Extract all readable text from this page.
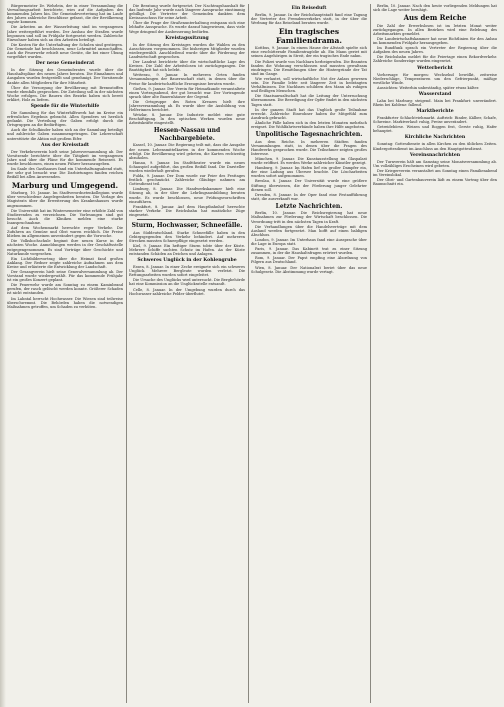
Bürgermeister Dr. Wehrlein, der in einer Versammlung die Verwaltungsarbeit berichtete, wies auf die Aufgaben des kommenden Jahres hin. Die Gemeindevertretung hat im Laufe des Jahres zahlreiche Beschlüsse gefasst, die der Bevölkerung zugute kommen.

Die Arbeiten an der Wasserleitung sind im vergangenen Jahre weitergeführt worden. Der Ausbau der Straßen wurde begonnen und soll im Frühjahr fortgesetzt werden. Zahlreiche Einwohner haben sich an den Arbeiten beteiligt.

Die Kosten für die Unterhaltung der Schulen sind gestiegen. Die Gemeinde hat beschlossen, neue Lehrmittel anzuschaffen. Auch die Feuerwehr erhielt neue Geräte, die bei einer Übung vorgeführt wurden.

Der neue Gemeinderat

In der Sitzung des Gemeinderates wurde über die Haushaltspläne des neuen Jahres beraten. Die Einnahmen und Ausgaben wurden festgestellt und genehmigt. Der Vorsitzende dankte allen Mitgliedern für ihre Mitarbeit.

Über die Versorgung der Bevölkerung mit Brennstoffen wurde ebenfalls gesprochen. Die Zuteilung soll in der nächsten Woche erfolgen. Die Bauern des Bezirks haben sich bereit erklärt, Holz zu liefern.

Spende für die Winterhilfe

Die Sammlung für das Winterhilfswerk hat im Kreise ein erfreuliches Ergebnis gebracht. Allen Spendern sei herzlich gedankt. Die Verteilung der Gaben erfolgt durch die Ortsgruppen an die Bedürftigen.

Auch die Schulkinder haben sich an der Sammlung beteiligt und zahlreiche Gaben zusammengetragen. Die Lehrerschaft unterstützte die Aktion mit großem Eifer.

Aus der Kreisstadt

Der Verkehrsverein hielt seine Jahresversammlung ab. Der Vorsitzende berichtete über die Tätigkeit im vergangenen Jahre und über die Pläne für die kommende Reisezeit. Es wurde beschlossen, einen neuen Führer herauszugeben.

Im Saale des Gasthauses fand ein Unterhaltungsabend statt, der sehr gut besucht war. Die Darbietungen fanden reichen Beifall bei allen Anwesenden.

Marburg und Umgegend.

Marburg, 10. Januar. Im Stadtverordnetenkollegium wurde über verschiedene Angelegenheiten beraten. Die Vorlage des Magistrats über die Erweiterung des Krankenhauses wurde angenommen.

Die Universität hat im Wintersemester eine erhöhte Zahl von Studierenden zu verzeichnen. Die Vorlesungen sind gut besucht. Auch die Kliniken melden eine starke Inanspruchnahme.

Auf dem Wochenmarkt herrschte reger Verkehr. Die Zufuhren an Gemüse und Obst waren reichlich. Die Preise blieben im allgemeinen unverändert gegen die Vorwoche.

Die Volkshochschule beginnt ihre neuen Kurse in der nächsten Woche. Anmeldungen werden in der Geschäftsstelle entgegengenommen. Es sind Vorträge über Geschichte und Naturkunde vorgesehen.

Ein Lichtbildervortrag über die Heimat fand großen Anklang. Der Redner zeigte zahlreiche Aufnahmen aus dem Kreise und erläuterte die Entwicklung der Landschaft.

Der Gesangverein hielt seine Generalversammlung ab. Der Vorstand wurde wiedergewählt. Für das kommende Frühjahr ist ein großes Konzert geplant.

Die Feuerwehr wurde am Sonntag zu einem Kaminbrand gerufen, der rasch gelöscht werden konnte. Größerer Schaden ist nicht entstanden.

Im Lahntal herrscht Hochwasser. Die Wiesen sind teilweise überschwemmt. Die Behörden haben die notwendigen Maßnahmen getroffen, um Schaden zu verhüten.

Die Beratung wurde fortgesetzt. Der Nachtragshaushalt für das laufende Jahr wurde nach längerer Aussprache einstimmig gebilligt. Die Vertreter der Gemeinden dankten dem Kreisausschuss für seine Arbeit.

Über die Frage der Straßenunterhaltung entspann sich eine lebhafte Aussprache. Es wurde darauf hingewiesen, dass viele Wege dringend der Ausbesserung bedürfen.

Kreistagssitzung

In der Sitzung des Kreistages wurden die Wahlen zu den Ausschüssen vorgenommen. Die bisherigen Mitglieder wurden wiedergewählt. Anschließend wurde über die Förderung der Landwirtschaft gesprochen.

Der Landrat berichtete über die wirtschaftliche Lage des Kreises. Die Zahl der Arbeitslosen ist zurückgegangen. Die Bautätigkeit hat sich belebt.

Wetterau, 9. Januar. In mehreren Orten fanden Versammlungen der Bauernschaft statt, in denen über die Preise für landwirtschaftliche Erzeugnisse beraten wurde.

Gießen, 9. Januar. Der Verein für Heimatkunde veranstaltete einen Vortragsabend, der gut besucht war. Der Vortragende sprach über alte Bauernhäuser der Gegend.

Die Ortsgruppe des Roten Kreuzes hielt ihre Jahresversammlung ab. Es wurde über die Ausbildung von Helferinnen berichtet.

Wetzlar, 8. Januar. Die Industrie meldet eine gute Beschäftigung. In den optischen Werken wurden neue Arbeitskräfte eingestellt.

Hessen-Nassau und Nachbargebiete.

Kassel, 10. Januar. Die Regierung teilt mit, dass die Ausgabe der neuen Lebensmittelkarten in der kommenden Woche erfolgt. Die Bevölkerung wird gebeten, die Karten rechtzeitig abzuholen.

Hanau, 9. Januar. Im Stadttheater wurde ein neues Schauspiel aufgeführt, das großen Beifall fand. Die Darsteller wurden wiederholt gerufen.

Fulda, 9. Januar. Der Dom wurde zur Feier des Festtages festlich geschmückt. Zahlreiche Gläubige nahmen am Gottesdienst teil.

Limburg, 8. Januar. Die Handwerkskammer hielt eine Sitzung ab, in der über die Lehrlingsausbildung beraten wurde. Es wurde beschlossen, neue Prüfungsvorschriften einzuführen.

Frankfurt, 8. Januar. Auf dem Hauptbahnhof herrschte starker Verkehr. Die Reichsbahn hat zusätzliche Züge eingesetzt.

Sturm, Hochwasser, Schneefälle.

Aus Süddeutschland. Starke Schneefälle haben in den Gebirgsgegenden den Verkehr behindert. Auf mehreren Strecken mussten Schneepflüge eingesetzt werden.

Kiel, 9. Januar. Ein heftiger Sturm tobte über der Küste. Mehrere Schiffe suchten Schutz im Hafen. An der Küste entstanden Schäden an Deichen und Anlagen.

Schweres Unglück in der Kohlengrube

Essen, 8. Januar. In einer Zeche ereignete sich ein schweres Unglück. Mehrere Bergleute wurden verletzt. Die Rettungsarbeiten wurden sofort eingeleitet.

Die Ursache des Unglücks wird untersucht. Die Bergbehörde hat eine Kommission an die Unglücksstelle entsandt.

Celle, 8. Januar. In der Umgebung wurden durch das Hochwasser zahlreiche Felder überflutet.

Ein Reiseduft

Berlin, 9. Januar. In der Reichshauptstadt fand eine Tagung der Vertreter des Fremdenverkehrs statt, in der über die Werbung für das Reiseland beraten wurde.

Ein tragisches Familiendrama.

Kottbus, 9. Januar. In einem Hause der Altstadt spielte sich eine erschütternde Familientragödie ab. Ein Mann geriet mit seinen Angehörigen in Streit, der ein tragisches Ende nahm.

Die Polizei wurde von Nachbarn herbeigerufen. Die Beamten fanden die Wohnung verschlossen und mussten gewaltsam eindringen. Die Ermittlungen über die Hintergründe der Tat sind im Gange.

Wie verlautet, soll wirtschaftliche Not der Anlass gewesen sein. Die Familie lebte seit längerer Zeit in bedrängten Verhältnissen. Die Nachbarn schildern den Mann als ruhigen und fleißigen Menschen.

Die Staatsanwaltschaft hat die Leitung der Untersuchung übernommen. Die Beerdigung der Opfer findet in den nächsten Tagen statt.

In der ganzen Stadt hat das Unglück große Teilnahme erweckt. Zahlreiche Einwohner haben ihr Mitgefühl zum Ausdruck gebracht.

Ähnliche Fälle haben sich in den letzten Monaten mehrfach ereignet. Die Wohlfahrtsverbände haben ihre Hilfe angeboten.

Unpolitische Tagesnachrichten.

Aus dem Reiche. In mehreren Städten fanden Versammlungen statt, in denen über die Fragen des Handwerks gesprochen wurde. Die Teilnehmer zeigten großes Interesse.

München, 9. Januar. Die Kunstausstellung im Glaspalast wurde eröffnet. Es werden Werke zahlreicher Künstler gezeigt.

Hamburg, 9. Januar. Im Hafen lief ein großer Dampfer ein, der eine Ladung aus Übersee brachte. Die Löscharbeiten wurden sofort aufgenommen.

Breslau, 8. Januar. Der Universität wurde eine größere Stiftung überwiesen, die der Förderung junger Gelehrter dienen soll.

Dresden, 8. Januar. In der Oper fand eine Festaufführung statt, die ausverkauft war.

Letzte Nachrichten.

Berlin, 10. Januar. Die Reichsregierung hat neue Maßnahmen zur Förderung der Wirtschaft beschlossen. Die Verordnung tritt in den nächsten Tagen in Kraft.

Die Verhandlungen über die Handelsverträge mit dem Ausland werden fortgesetzt. Man hofft auf einen baldigen Abschluss.

London, 9. Januar. Im Unterhaus fand eine Aussprache über die Lage in Europa statt.

Paris, 9. Januar. Das Kabinett trat zu einer Sitzung zusammen, in der die Haushaltsfragen erörtert wurden.

Rom, 9. Januar. Der Papst empfing eine Abordnung von Pilgern aus Deutschland.

Wien, 8. Januar. Der Nationalrat beriet über das neue Schulgesetz. Die Abstimmung wurde vertagt.

Berlin, 10. Januar. Nach den heute vorliegenden Meldungen hat sich die Lage weiter beruhigt.

Aus dem Reiche

Die Zahl der Erwerbslosen ist im letzten Monat weiter zurückgegangen. In allen Bezirken wird eine Belebung des Arbeitsmarktes gemeldet.

Die Landwirtschaftskammer hat neue Richtlinien für den Anbau im kommenden Frühjahr herausgegeben.

Im Rundfunk sprach ein Vertreter der Regierung über die Aufgaben des neuen Jahres.

Die Reichsbahn meldet für die Feiertage einen Rekordverkehr. Zahlreiche Sonderzüge wurden eingesetzt.

Wetterbericht

Vorhersage für morgen: Wechselnd bewölkt, zeitweise Niederschläge, Temperaturen um den Gefrierpunkt, mäßige westliche Winde.

Aussichten: Weiterhin unbeständig, später etwas kälter.

Wasserstand

Lahn bei Marburg: steigend. Main bei Frankfurt: unverändert. Rhein bei Koblenz: fallend.

Marktberichte

Frankfurter Schlachtviehmarkt. Auftrieb: Rinder, Kälber, Schafe, Schweine. Marktverlauf: ruhig, Preise unverändert.

Getreidebörse. Weizen und Roggen fest, Gerste ruhig, Hafer behauptet.

Kirchliche Nachrichten

Sonntag: Gottesdienste in allen Kirchen zu den üblichen Zeiten. Kindergottesdienst im Anschluss an den Hauptgottesdienst.

Vereinsnachrichten

Der Turnverein hält am Samstag seine Monatsversammlung ab. Um vollzähliges Erscheinen wird gebeten.

Der Kriegerverein veranstaltet am Sonntag einen Familienabend im Vereinslokal.

Der Obst- und Gartenbauverein lädt zu einem Vortrag über den Baumschnitt ein.
